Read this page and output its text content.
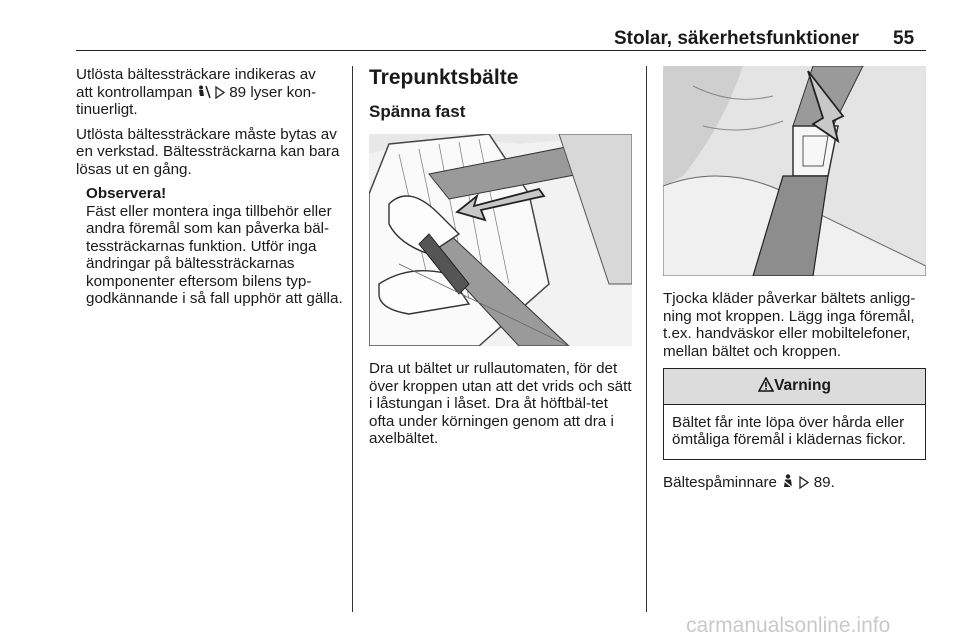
Stolar, säkerhetsfunktioner 55

Utlösta bältessträckare indikeras av
att kontrollampan 89 lyser kon-
tinuerligt.

Utlösta bältessträckare måste bytas av en verkstad. Bältessträckarna kan bara lösas ut en gång.

Observera!
Fäst eller montera inga tillbehör eller andra föremål som kan påverka bäl-tessträckarnas funktion. Utför inga ändringar på bältessträckarnas komponenter eftersom bilens typ-godkännande i så fall upphör att gälla.
Trepunktsbälte
Spänna fast

Dra ut bältet ur rullautomaten, för det över kroppen utan att det vrids och sätt i låstungan i låset. Dra åt höftbäl-tet ofta under körningen genom att dra i axelbältet.

Tjocka kläder påverkar bältets anligg-ning mot kroppen. Lägg inga föremål, t.ex. handväskor eller mobiltelefoner, mellan bältet och kroppen.

Varning
Bältet får inte löpa över hårda eller ömtåliga föremål i klädernas fickor.

Bältespåminnare 89.

carmanualsonline.info
